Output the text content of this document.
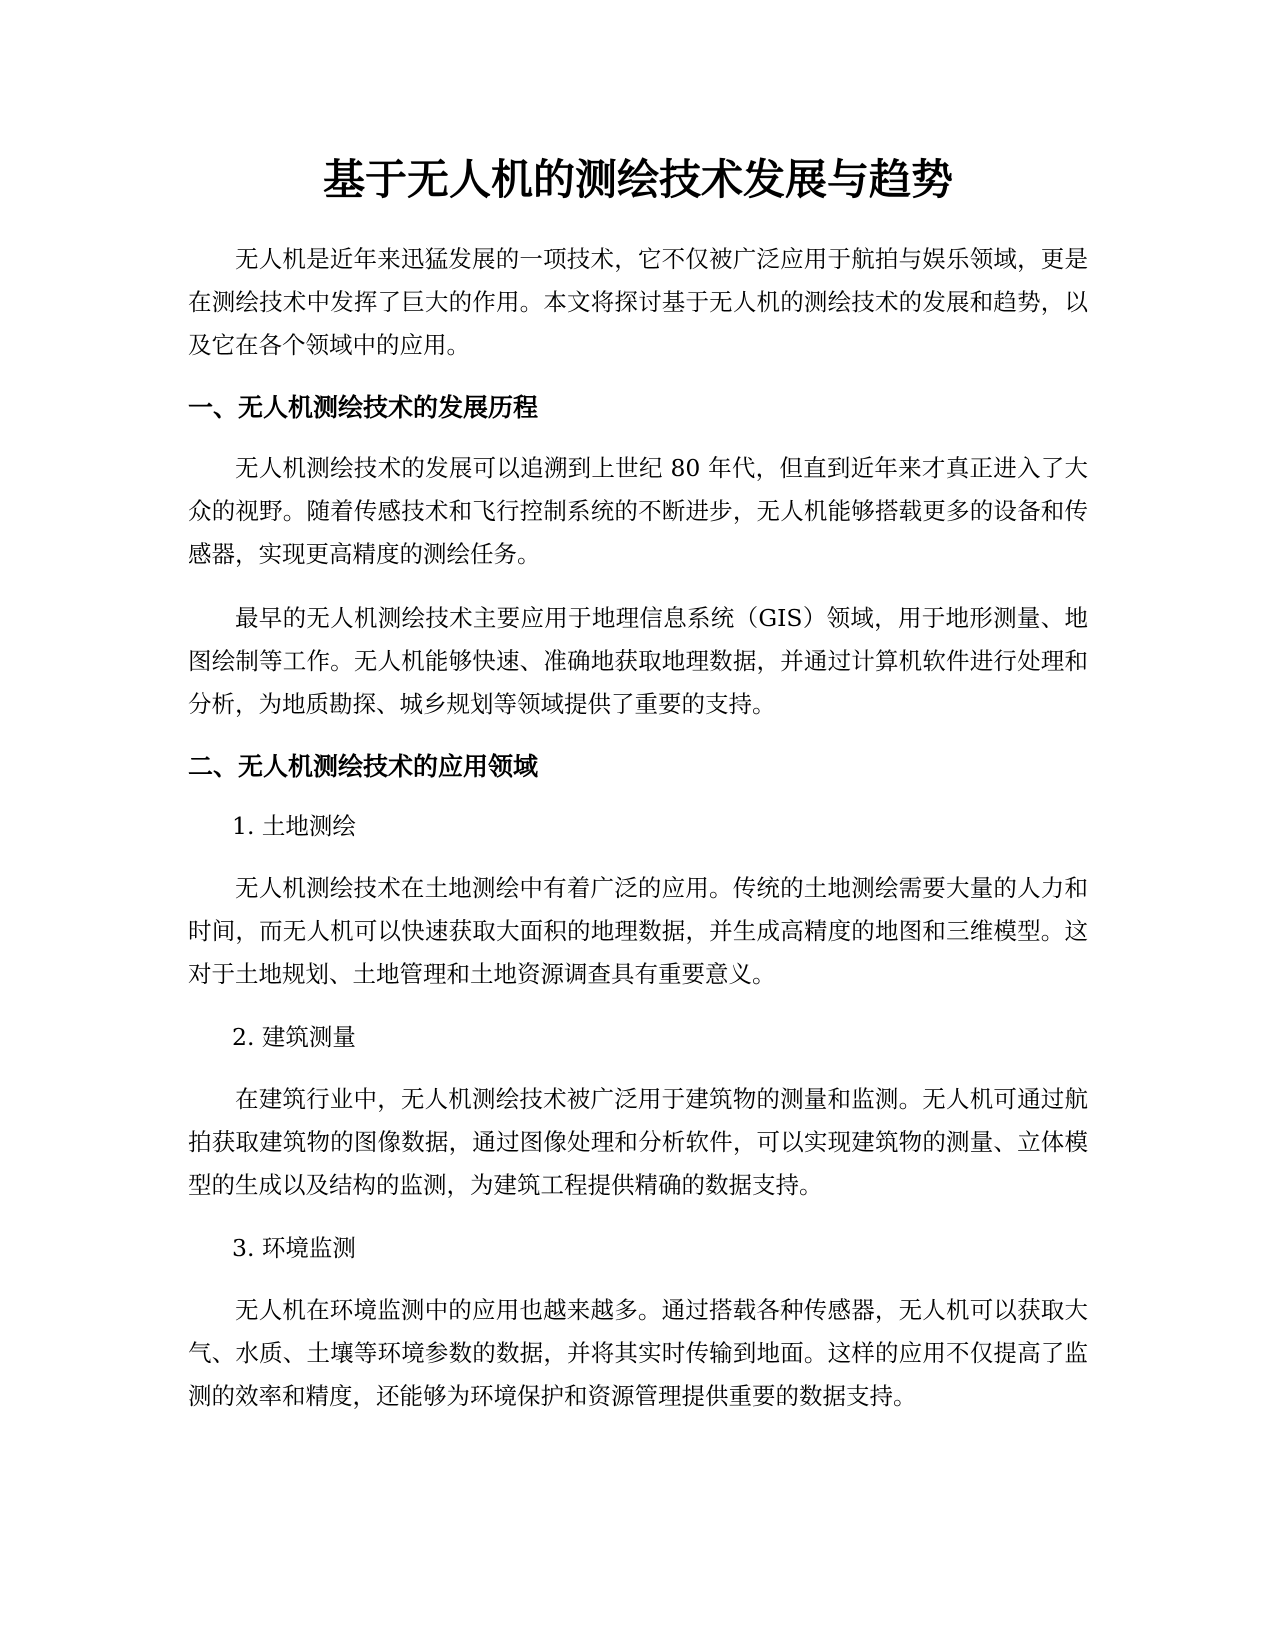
基于无人机的测绘技术发展与趋势

无人机是近年来迅猛发展的一项技术，它不仅被广泛应用于航拍与娱乐领域，更是在测绘技术中发挥了巨大的作用。本文将探讨基于无人机的测绘技术的发展和趋势，以及它在各个领域中的应用。

一、无人机测绘技术的发展历程

无人机测绘技术的发展可以追溯到上世纪 80 年代，但直到近年来才真正进入了大众的视野。随着传感技术和飞行控制系统的不断进步，无人机能够搭载更多的设备和传感器，实现更高精度的测绘任务。

最早的无人机测绘技术主要应用于地理信息系统（GIS）领域，用于地形测量、地图绘制等工作。无人机能够快速、准确地获取地理数据，并通过计算机软件进行处理和分析，为地质勘探、城乡规划等领域提供了重要的支持。

二、无人机测绘技术的应用领域

1. 土地测绘

无人机测绘技术在土地测绘中有着广泛的应用。传统的土地测绘需要大量的人力和时间，而无人机可以快速获取大面积的地理数据，并生成高精度的地图和三维模型。这对于土地规划、土地管理和土地资源调查具有重要意义。

2. 建筑测量

在建筑行业中，无人机测绘技术被广泛用于建筑物的测量和监测。无人机可通过航拍获取建筑物的图像数据，通过图像处理和分析软件，可以实现建筑物的测量、立体模型的生成以及结构的监测，为建筑工程提供精确的数据支持。

3. 环境监测

无人机在环境监测中的应用也越来越多。通过搭载各种传感器，无人机可以获取大气、水质、土壤等环境参数的数据，并将其实时传输到地面。这样的应用不仅提高了监测的效率和精度，还能够为环境保护和资源管理提供重要的数据支持。
